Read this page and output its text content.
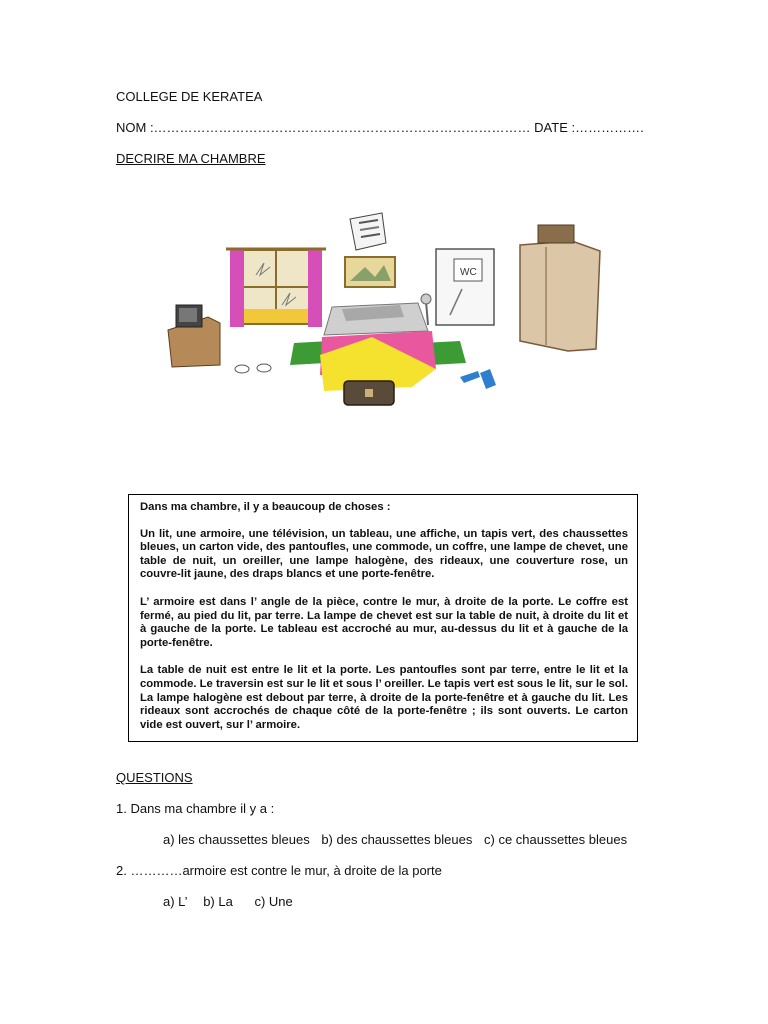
COLLEGE DE KERATEA
NOM :…………………………………………………………………………… DATE :…………….
DECRIRE MA CHAMBRE
WC

Dans ma chambre, il y a beaucoup de choses :

Un lit, une armoire, une télévision, un tableau, une affiche, un tapis vert, des chaussettes bleues, un carton vide, des pantoufles, une commode, un coffre, une lampe de chevet, une table de nuit, un oreiller, une lampe halogène, des rideaux, une couverture rose, un couvre-lit jaune, des draps blancs et une porte-fenêtre.

L’ armoire est dans l’ angle de la pièce, contre le mur, à droite de la porte. Le coffre est fermé, au pied du lit, par terre. La lampe de chevet est sur la table de nuit, à droite du lit et à gauche de la porte. Le tableau est accroché au mur, au-dessus du lit et à gauche de la porte-fenêtre.

La table de nuit est entre le lit et la porte. Les pantoufles sont par terre, entre le lit et la commode. Le traversin est sur le lit et sous l’ oreiller. Le tapis vert est sous le lit, sur le sol. La lampe halogène est debout par terre, à droite de la porte-fenêtre et à gauche du lit. Les rideaux sont accrochés de chaque côté de la porte-fenêtre ; ils sont ouverts. Le carton vide est ouvert, sur l’ armoire.

QUESTIONS
1. Dans ma chambre il y a :
a) les chaussettes bleues b) des chaussettes bleues c) ce chaussettes bleues
2. …………armoire est contre le mur, à droite de la porte
a) L’ b) La c) Une
